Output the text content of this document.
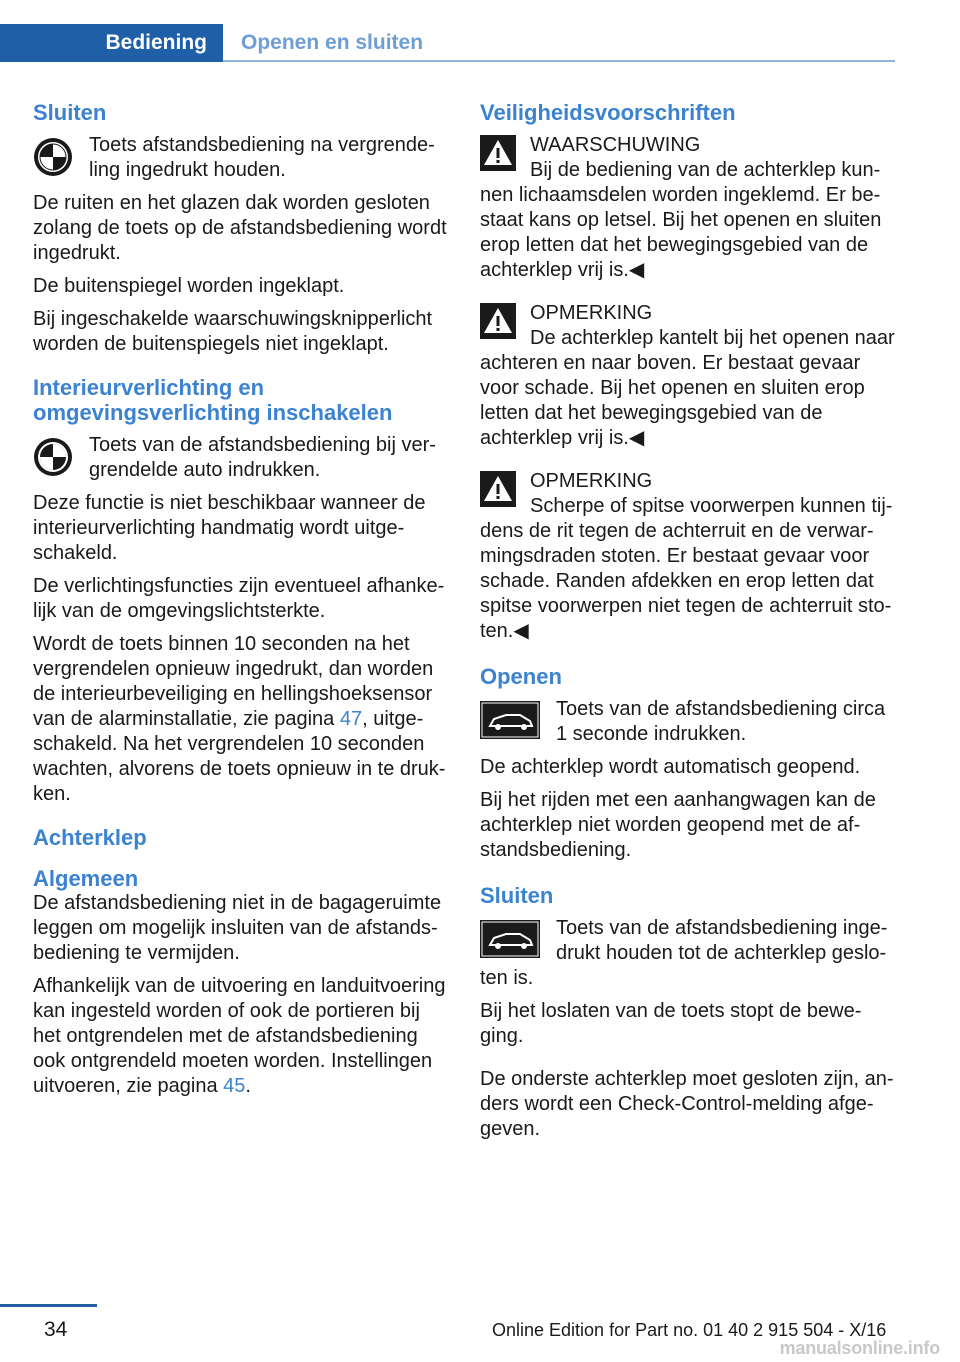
Bediening	Openen en sluiten
Sluiten

Toets afstandsbediening na vergrende-ling ingedrukt houden.

De ruiten en het glazen dak worden gesloten zolang de toets op de afstandsbediening wordt ingedrukt.

De buitenspiegel worden ingeklapt.

Bij ingeschakelde waarschuwingsknipperlicht worden de buitenspiegels niet ingeklapt.

Interieurverlichting en omgevingsverlichting inschakelen

Toets van de afstandsbediening bij ver-grendelde auto indrukken.

Deze functie is niet beschikbaar wanneer de interieurverlichting handmatig wordt uitge-schakeld.

De verlichtingsfuncties zijn eventueel afhanke-lijk van de omgevingslichtsterkte.

Wordt de toets binnen 10 seconden na het vergrendelen opnieuw ingedrukt, dan worden de interieurbeveiliging en hellingshoeksensor van de alarminstallatie, zie pagina 47, uitge-schakeld. Na het vergrendelen 10 seconden wachten, alvorens de toets opnieuw in te druk-ken.

Achterklep
Algemeen

De afstandsbediening niet in de bagageruimte leggen om mogelijk insluiten van de afstands-bediening te vermijden.

Afhankelijk van de uitvoering en landuitvoering kan ingesteld worden of ook de portieren bij het ontgrendelen met de afstandsbediening ook ontgrendeld moeten worden. Instellingen uitvoeren, zie pagina 45.

Veiligheidsvoorschriften

WAARSCHUWING

Bij de bediening van de achterklep kun-nen lichaamsdelen worden ingeklemd. Er be-staat kans op letsel. Bij het openen en sluiten erop letten dat het bewegingsgebied van de achterklep vrij is.◀

OPMERKING

De achterklep kantelt bij het openen naar achteren en naar boven. Er bestaat gevaar voor schade. Bij het openen en sluiten erop letten dat het bewegingsgebied van de achterklep vrij is.◀

OPMERKING

Scherpe of spitse voorwerpen kunnen tij-dens de rit tegen de achterruit en de verwar-mingsdraden stoten. Er bestaat gevaar voor schade. Randen afdekken en erop letten dat spitse voorwerpen niet tegen de achterruit sto-ten.◀

Openen

Toets van de afstandsbediening circa 1 seconde indrukken.

De achterklep wordt automatisch geopend.

Bij het rijden met een aanhangwagen kan de achterklep niet worden geopend met de af-standsbediening.

Sluiten

Toets van de afstandsbediening inge-drukt houden tot de achterklep geslo-ten is.

Bij het loslaten van de toets stopt de bewe-ging.

De onderste achterklep moet gesloten zijn, an-ders wordt een Check-Control-melding afge-geven.

34	Online Edition for Part no. 01 40 2 915 504 - X/16
manualsonline.info
